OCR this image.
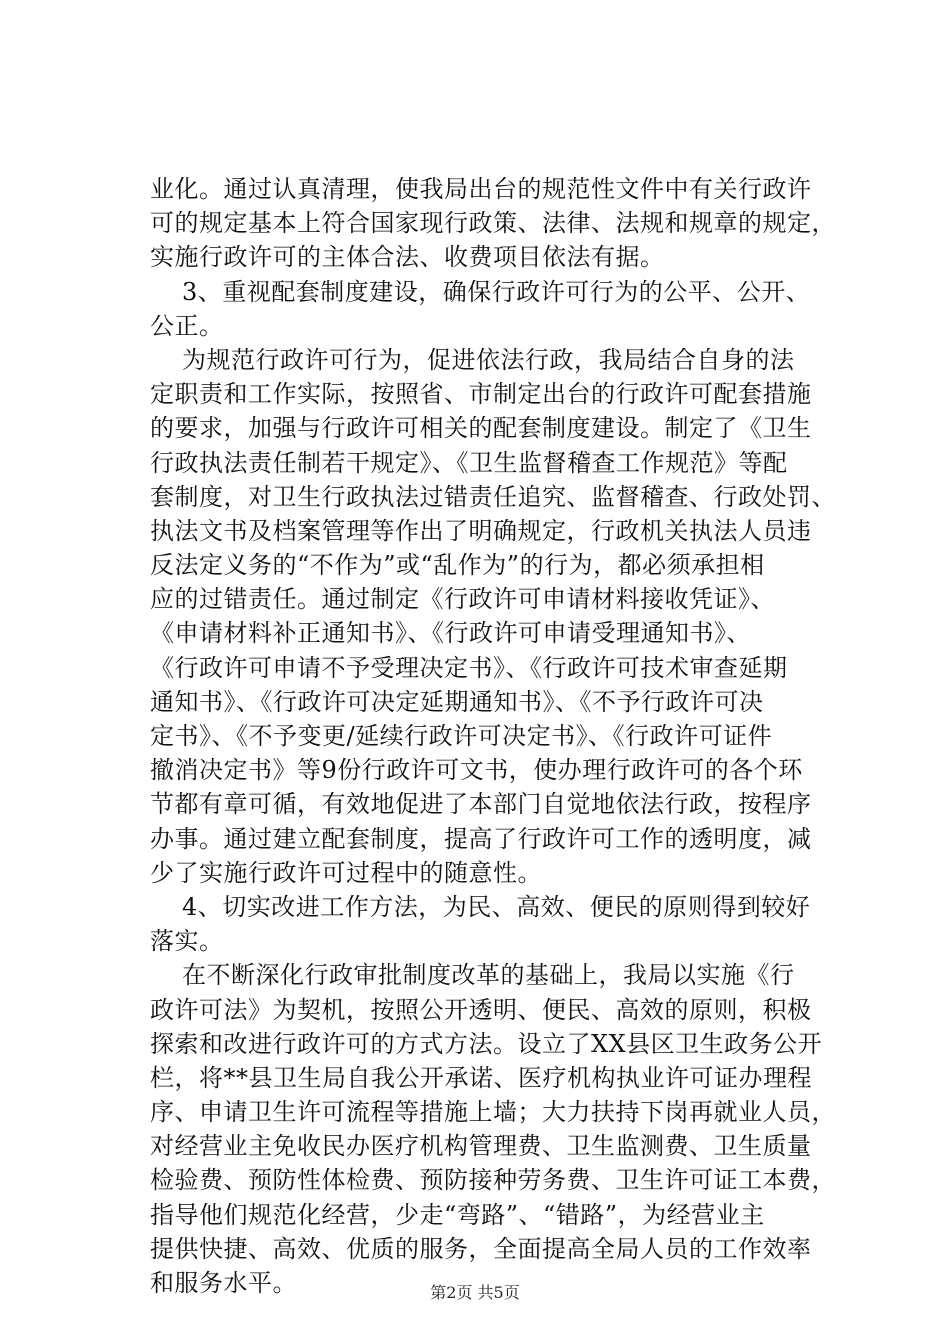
业化。通过认真清理，使我局出台的规范性文件中有关行政许
可的规定基本上符合国家现行政策、法律、法规和规章的规定，
实施行政许可的主体合法、收费项目依法有据。
3、重视配套制度建设，确保行政许可行为的公平、公开、
公正。
为规范行政许可行为，促进依法行政，我局结合自身的法
定职责和工作实际，按照省、市制定出台的行政许可配套措施
的要求，加强与行政许可相关的配套制度建设。制定了《卫生
行政执法责任制若干规定》、《卫生监督稽查工作规范》等配
套制度，对卫生行政执法过错责任追究、监督稽查、行政处罚、
执法文书及档案管理等作出了明确规定，行政机关执法人员违
反法定义务的“不作为”或“乱作为”的行为，都必须承担相
应的过错责任。通过制定《行政许可申请材料接收凭证》、
《申请材料补正通知书》、《行政许可申请受理通知书》、
《行政许可申请不予受理决定书》、《行政许可技术审查延期
通知书》、《行政许可决定延期通知书》、《不予行政许可决
定书》、《不予变更/延续行政许可决定书》、《行政许可证件
撤消决定书》等9份行政许可文书，使办理行政许可的各个环
节都有章可循，有效地促进了本部门自觉地依法行政，按程序
办事。通过建立配套制度，提高了行政许可工作的透明度，减
少了实施行政许可过程中的随意性。
4、切实改进工作方法，为民、高效、便民的原则得到较好
落实。
在不断深化行政审批制度改革的基础上，我局以实施《行
政许可法》为契机，按照公开透明、便民、高效的原则，积极
探索和改进行政许可的方式方法。设立了XX县区卫生政务公开
栏，将**县卫生局自我公开承诺、医疗机构执业许可证办理程
序、申请卫生许可流程等措施上墙；大力扶持下岗再就业人员，
对经营业主免收民办医疗机构管理费、卫生监测费、卫生质量
检验费、预防性体检费、预防接种劳务费、卫生许可证工本费，
指导他们规范化经营，少走“弯路”、“错路”，为经营业主
提供快捷、高效、优质的服务，全面提高全局人员的工作效率
和服务水平。	第2页 共5页
